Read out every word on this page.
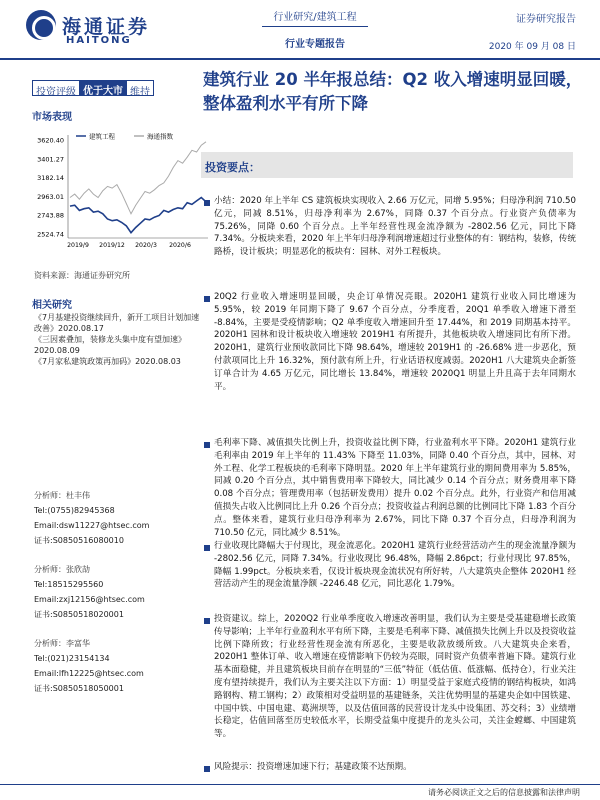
海通证券
HAITONG
行业研究/建筑工程
行业专题报告
证券研究报告
2020 年 09 月 08 日
投资评级 优于大市 维持
建筑行业 20 半年报总结：Q2 收入增速明显回暖，整体盈利水平有所下降
市场表现
3620.40
3401.27
3182.14
2963.01
2743.88
2524.74
2019/9 2019/12 2020/3 2020/6
建筑工程	海通指数
资料来源：海通证券研究所
相关研究
《7月基建投资继续回升，新开工项目计划加速改善》2020.08.17
《三因素叠加，装修龙头集中度有望加速》2020.08.09
《7月家私建筑政策再加码》2020.08.03
分析师：杜丰伟
Tel:(0755)82945368
Email:dsw11227@htsec.com
证书:S0850516080010
分析师：张欣劼
Tel:18515295560
Email:zxj12156@htsec.com
证书:S0850518020001
分析师：李富华
Tel:(021)23154134
Email:lfh12225@htsec.com
证书:S0850518050001
投资要点：
小结：2020 年上半年 CS 建筑板块实现收入 2.66 万亿元，同增 5.95%；归母净利润 710.50 亿元，同减 8.51%，归母净利率为 2.67%，同降 0.37 个百分点。行业资产负债率为 75.26%，同降 0.60 个百分点。上半年经营性现金流净额为 -2802.56 亿元，同比下降 7.34%。分板块来看，2020 年上半年归母净利润增速超过行业整体的有：钢结构，装修，传统路桥，设计板块；明显恶化的板块有：园林、对外工程板块。
20Q2 行业收入增速明显回暖，央企订单情况亮眼。2020H1 建筑行业收入同比增速为 5.95%，较 2019 年同期下降了 9.67 个百分点，分季度看，20Q1 单季收入增速下滑至 -8.84%，主要是受疫情影响；Q2 单季度收入增速回升至 17.44%，和 2019 同期基本持平。2020H1 园林和设计板块收入增速较 2019H1 有所提升，其他板块收入增速同比有所下滑。2020H1，建筑行业预收款同比下降 98.64%，增速较 2019H1 的 -26.68% 进一步恶化，预付款项同比上升 16.32%，预付款有所上升，行业话语权度减弱。2020H1 八大建筑央企新签订单合计为 4.65 万亿元，同比增长 13.84%，增速较 2020Q1 明显上升且高于去年同期水平。
毛利率下降、减值损失比例上升，投资收益比例下降，行业盈利水平下降。2020H1 建筑行业毛利率由 2019 年上半年的 11.43% 下降至 11.03%，同降 0.40 个百分点，其中，园林、对外工程、化学工程板块的毛利率下降明显。2020 年上半年建筑行业的期间费用率为 5.85%，同减 0.20 个百分点，其中销售费用率下降较大，同比减少 0.14 个百分点；财务费用率下降 0.08 个百分点；管理费用率（包括研发费用）提升 0.02 个百分点。此外，行业资产和信用减值损失占收入比例同比上升 0.26 个百分点；投资收益占利润总额的比例同比下降 1.83 个百分点。整体来看，建筑行业归母净利率为 2.67%，同比下降 0.37 个百分点，归母净利润为 710.50 亿元，同比减少 8.51%。
行业收现比降幅大于付现比，现金流恶化。2020H1 建筑行业经营活动产生的现金流量净额为 -2802.56 亿元，同降 7.34%。行业收现比 96.48%，降幅 2.86pct；行业付现比 97.85%，降幅 1.99pct。分板块来看，仅设计板块现金流状况有所好转，八大建筑央企整体 2020H1 经营活动产生的现金流量净额 -2246.48 亿元，同比恶化 1.79%。
投资建议。综上，2020Q2 行业单季度收入增速改善明显，我们认为主要是受基建稳增长政策传导影响；上半年行业盈利水平有所下降，主要是毛利率下降、减值损失比例上升以及投资收益比例下降所致；行业经营性现金流有所恶化，主要是收款放缓所致。八大建筑央企来看，2020H1 整体订单、收入增速在疫情影响下仍较为亮眼，同时资产负债率普遍下降。建筑行业基本面稳健，并且建筑板块目前存在明显的“三低”特征（低估值、低涨幅、低持仓），行业关注度有望持续提升，我们认为主要关注以下方面：1）明显受益于家庭式疫情的钢结构板块，如鸿路钢构、精工钢构；2）政策相对受益明显的基建链条，关注优势明显的基建央企如中国铁建、中国中铁、中国电建、葛洲坝等，以及估值回落的民营设计龙头中设集团、苏交科；3）业绩增长稳定，估值回落至历史较低水平，长期受益集中度提升的龙头公司，关注金螳螂、中国建筑等。
风险提示：投资增速加速下行；基建政策不达预期。
请务必阅读正文之后的信息披露和法律声明
